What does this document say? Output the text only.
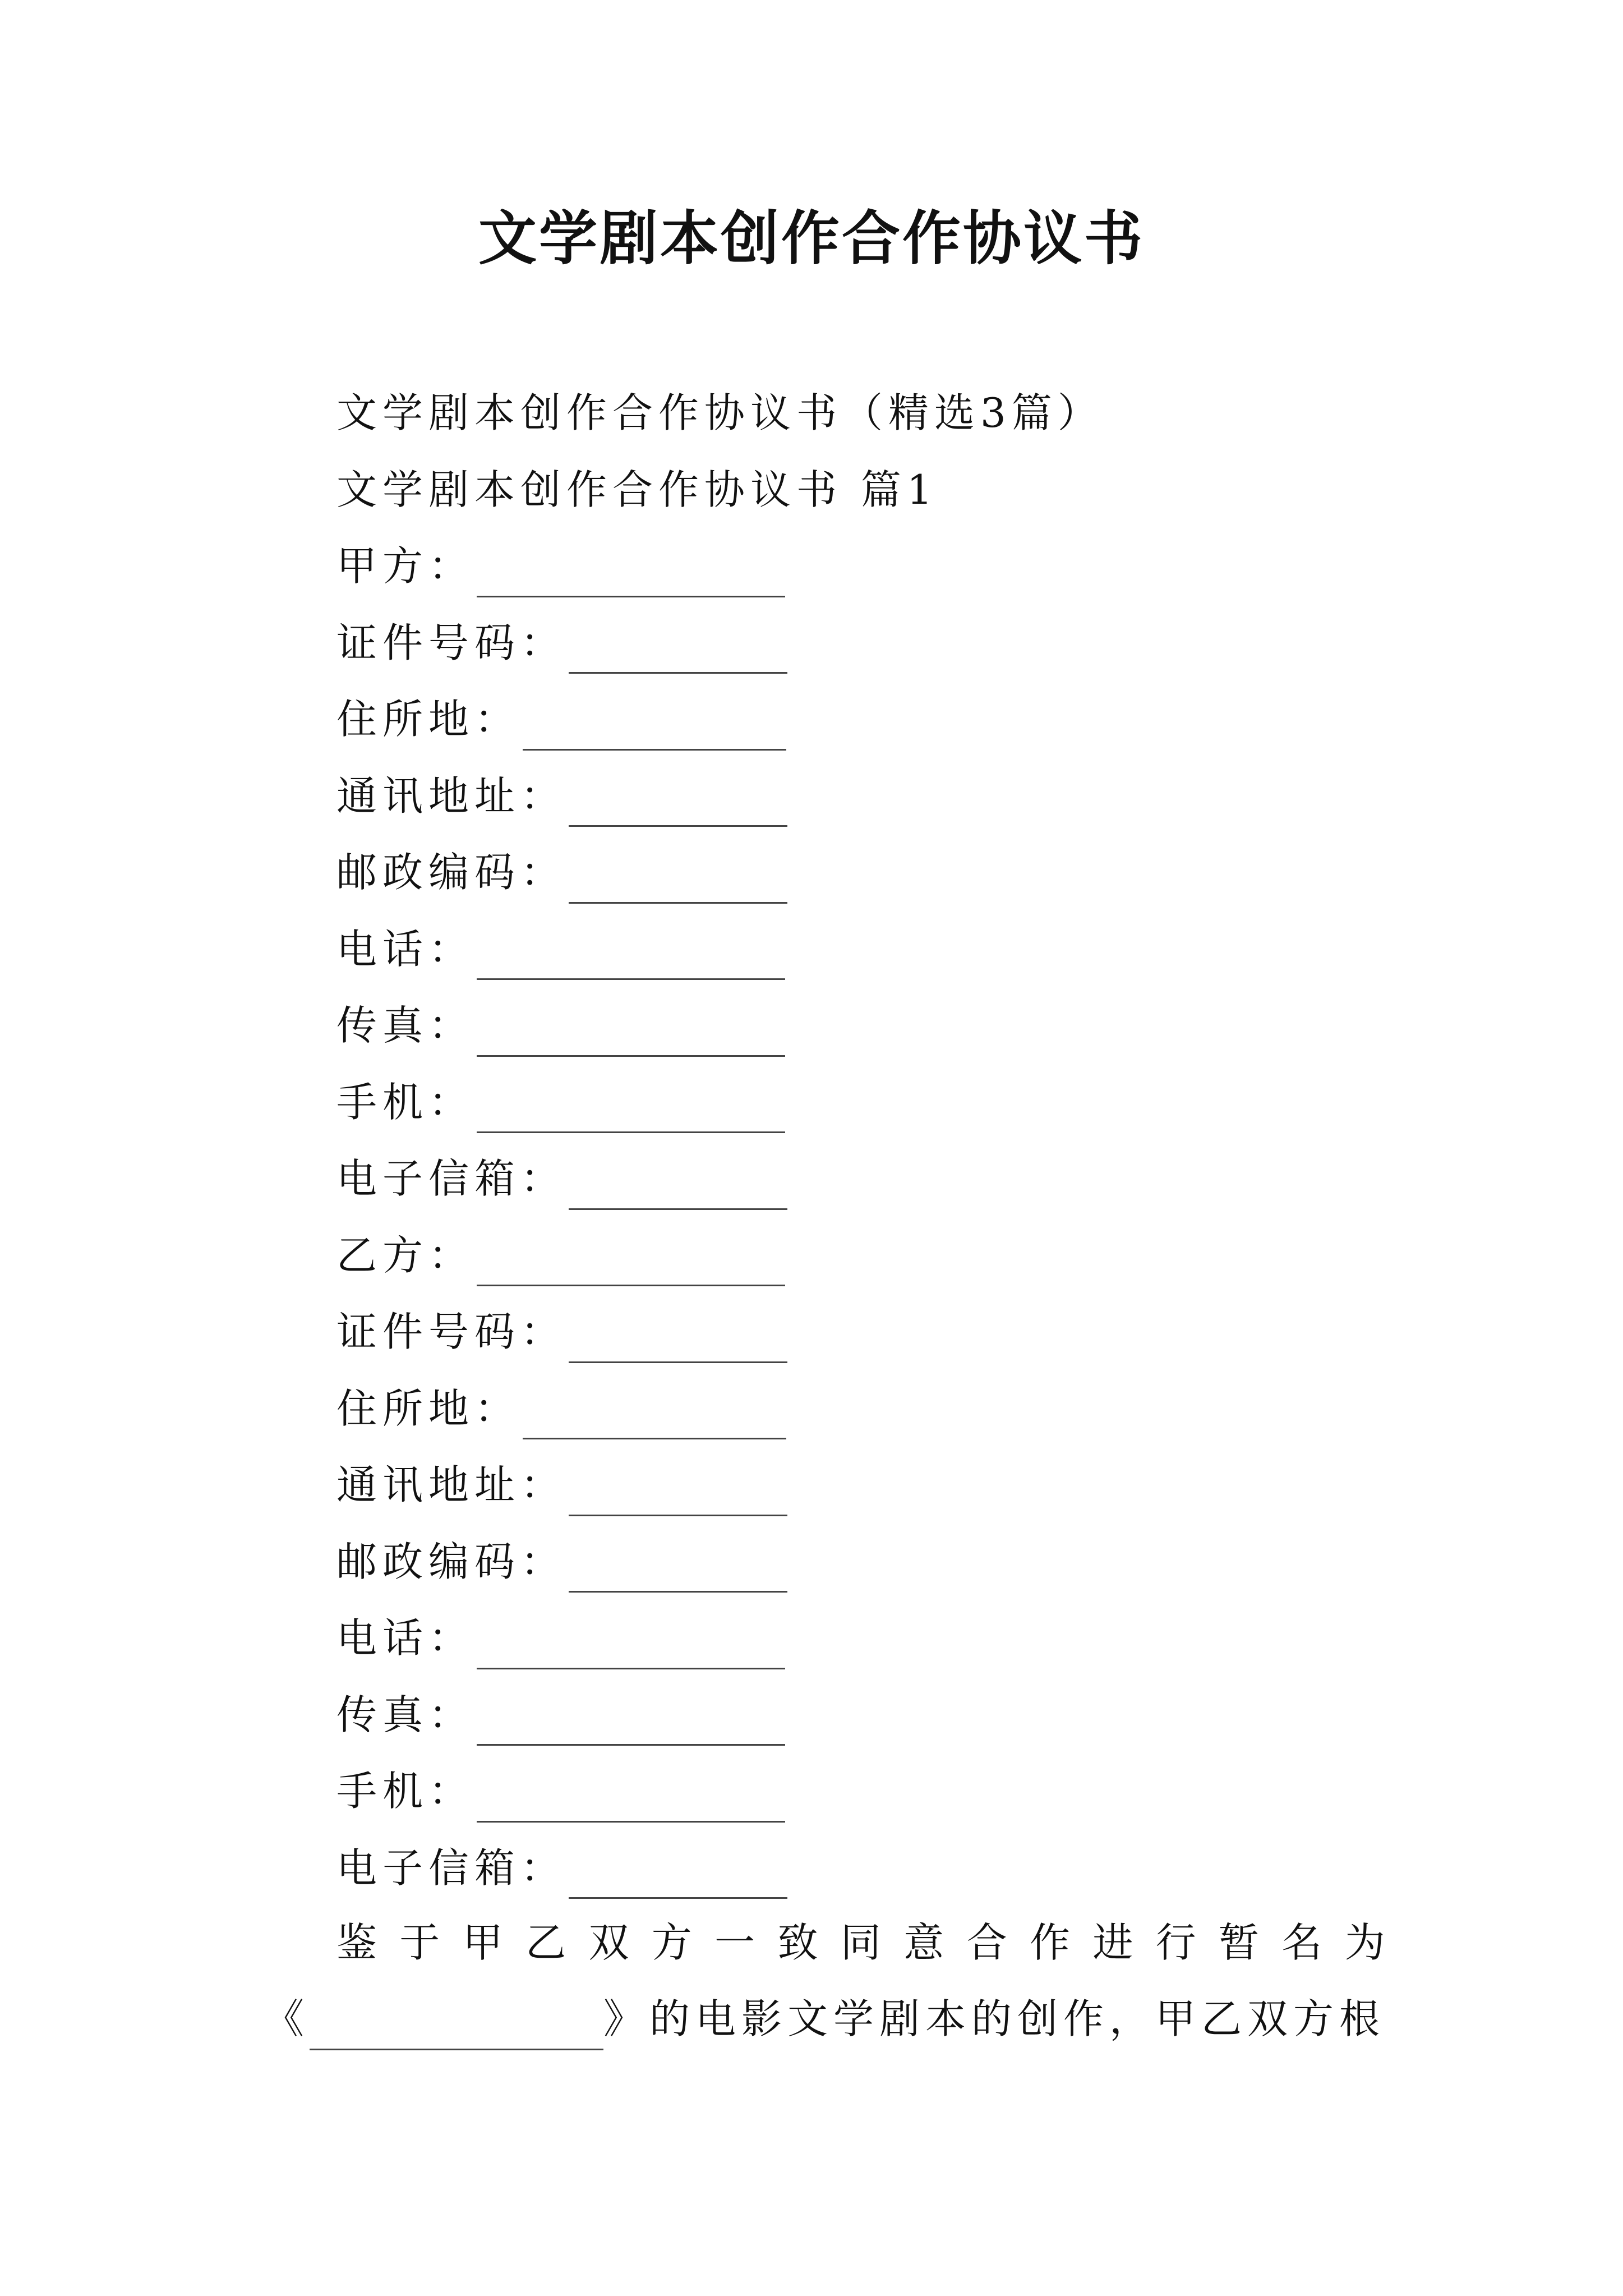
文学剧本创作合作协议书
文学剧本创作合作协议书（精选3篇）
文学剧本创作合作协议书 篇1
甲方：
证件号码：
住所地：
通讯地址：
邮政编码：
电话：
传真：
手机：
电子信箱：
乙方：
证件号码：
住所地：
通讯地址：
邮政编码：
电话：
传真：
手机：
电子信箱：
鉴 于 甲 乙 双 方 一 致 同 意 合 作 进 行 暂 名 为
《	》的电影文学剧本的创作，甲乙双方根
